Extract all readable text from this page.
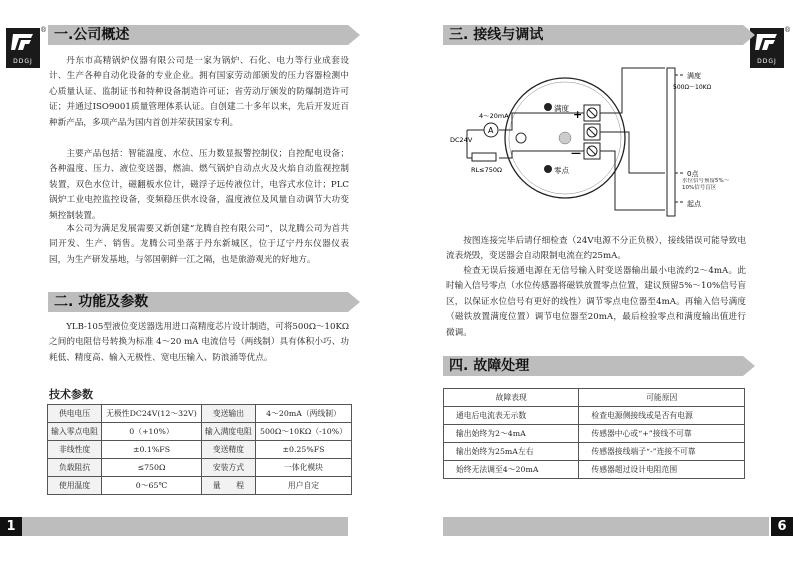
DDGJ
® 一.公司概述

丹东市高精锅炉仪器有限公司是一家为锅炉、石化、电力等行业成套设计、生产各种自动化设备的专业企业。拥有国家劳动部颁发的压力容器检测中心质量认证、监制证书和特种设备制造许可证；省劳动厅颁发的防爆制造许可证；并通过ISO9001质量管理体系认证。自创建二十多年以来，先后开发近百种新产品，多项产品为国内首创并荣获国家专利。

主要产品包括：智能温度、水位、压力数显报警控制仪；自控配电设备；各种温度、压力、液位变送器，燃油、燃气锅炉自动点火及火焰自动监视控制装置，双色水位计，磁翻板水位计，磁浮子远传液位计，电容式水位计；PLC锅炉工业电控监控设备，变频稳压供水设备，温度液位及风量自动调节大功变频控制装置。

本公司为满足发展需要又新创建“龙腾自控有限公司”，以龙腾公司为首共同开发、生产、销售。龙腾公司坐落于丹东新城区，位于辽宁丹东仪器仪表园，为生产研发基地，与邻国朝鲜一江之隔，也是旅游观光的好地方。

二. 功能及参数

YLB-105型液位变送器选用进口高精度芯片设计制造，可将500Ω～10KΩ之间的电阻信号转换为标准 4～20 mA 电流信号（两线制）具有体积小巧、功耗低、精度高、输入无极性、宽电压输入、防浪涌等优点。

技术参数
供电电压	无极性DC24V(12～32V)	变送输出	4～20mA（两线制）
输入零点电阻	0（+10%）	输入满度电阻	500Ω～10KΩ（-10%）
非线性度	±0.1%FS	变送精度	±0.25%FS
负载阻抗	≤750Ω	安装方式	一体化模块
使用温度	0～65℃	量　　程	用户自定
1
DDGJ
®
三. 接线与调试
满度
零点
+
—
满度
500Ω～10KΩ
0点
起点
水位信号预留5%～10%信号盲区
A
4～20mA
DC24V
RL≤750Ω

按图连接完毕后请仔细检查（24V电源不分正负极），接线错误可能导致电流表烧毁，变送器会自动限制电流在约25mA。

检查无误后接通电源在无信号输入时变送器输出最小电流约2～4mA。此时输入信号零点（水位传感器将磁铁放置零点位置，建议预留5%～10%信号盲区，以保证水位信号有更好的线性）调节零点电位器至4mA。再输入信号满度（磁铁放置满度位置）调节电位器至20mA，最后检验零点和满度输出值进行微调。

四. 故障处理
故障表现	可能原因
通电后电流表无示数	检查电源侧接线或是否有电源
输出始终为2～4mA	传感器中心或“+”接线不可靠
输出始终为25mA左右	传感器接线端子“-”连接不可靠
始终无法调至4～20mA	传感器超过设计电阻范围
6
